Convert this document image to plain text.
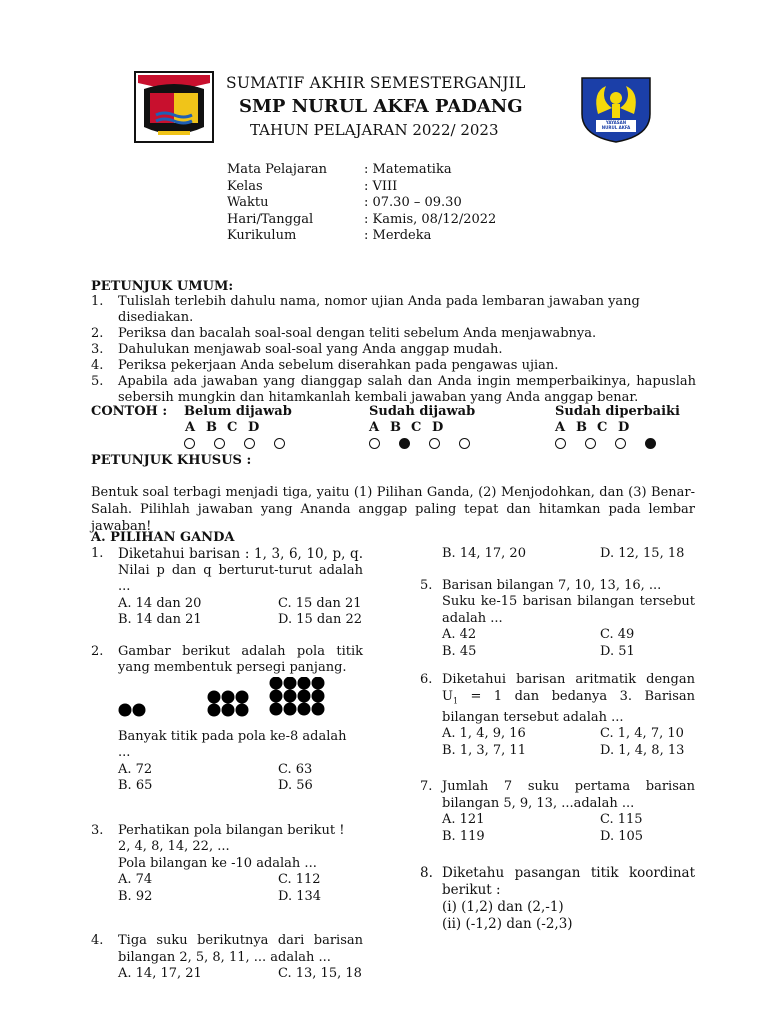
YAYASAN
NURUL AKFA
SUMATIF AKHIR SEMESTERGANJIL
SMP NURUL AKFA PADANG
TAHUN PELAJARAN 2022/ 2023
Mata Pelajaran	: Matematika
Kelas	: VIII
Waktu	: 07.30 – 09.30
Hari/Tanggal	: Kamis, 08/12/2022
Kurikulum	: Merdeka
PETUNJUK UMUM:
1.	Tulislah terlebih dahulu nama, nomor ujian Anda pada lembaran jawaban yang disediakan.
2.	Periksa dan bacalah soal-soal dengan teliti sebelum Anda menjawabnya.
3.	Dahulukan menjawab soal-soal yang Anda anggap mudah.
4.	Periksa pekerjaan Anda sebelum diserahkan pada pengawas ujian.
5.	Apabila ada jawaban yang dianggap salah dan Anda ingin memperbaikinya, hapuslah sebersih mungkin dan hitamkanlah kembali jawaban yang Anda anggap benar.
CONTOH : Belum dijawab
A B C D
Sudah dijawab
A B C D
Sudah diperbaiki
A B C D
PETUNJUK KHUSUS :
Bentuk soal terbagi menjadi tiga, yaitu (1) Pilihan Ganda, (2) Menjodohkan, dan (3) Benar-Salah. Pilihlah jawaban yang Ananda anggap paling tepat dan hitamkan pada lembar jawaban!
A. PILIHAN GANDA
1.	Diketahui barisan : 1, 3, 6, 10, p, q.
Nilai p dan q berturut-turut adalah ...
A. 14 dan 20	C. 15 dan 21
B. 14 dan 21	D. 15 dan 22
2.	Gambar berikut adalah pola titik yang membentuk persegi panjang.
Banyak titik pada pola ke-8 adalah ...
A. 72	C. 63
B. 65	D. 56
3.	Perhatikan pola bilangan berikut !
2, 4, 8, 14, 22, ...
Pola bilangan ke -10 adalah ...
A. 74	C. 112
B. 92	D. 134
4.	Tiga suku berikutnya dari barisan bilangan 2, 5, 8, 11, ... adalah ...
A. 14, 17, 21	C. 13, 15, 18
B. 14, 17, 20	D. 12, 15, 18
5. Barisan bilangan 7, 10, 13, 16, ...
Suku ke-15 barisan bilangan tersebut adalah ...
A. 42	C. 49
B. 45	D. 51
6. Diketahui barisan aritmatik dengan $U_1 = 1$ dan bedanya 3. Barisan bilangan tersebut adalah ...
A. 1, 4, 9, 16	C. 1, 4, 7, 10
B. 1, 3, 7, 11	D. 1, 4, 8, 13
7. Jumlah 7 suku pertama barisan bilangan 5, 9, 13, ...adalah ...
A. 121	C. 115
B. 119	D. 105
8. Diketahu pasangan titik koordinat berikut :
(i) (1,2) dan (2,-1)
(ii) (-1,2) dan (-2,3)
